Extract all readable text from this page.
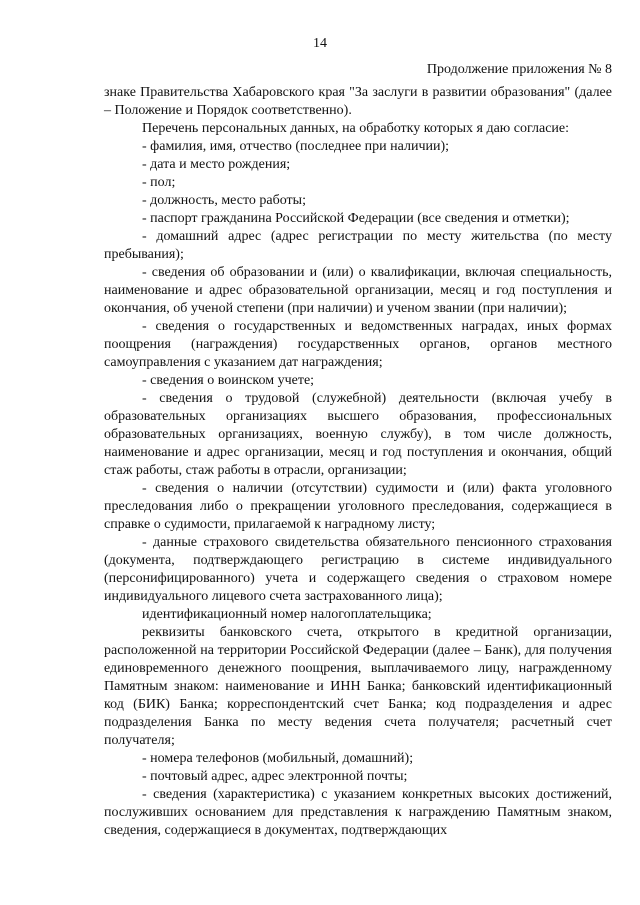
14
Продолжение приложения № 8

знаке Правительства Хабаровского края "За заслуги в развитии образования" (далее – Положение и Порядок соответственно).

Перечень персональных данных, на обработку которых я даю согласие:

- фамилия, имя, отчество (последнее при наличии);

- дата и место рождения;

- пол;

- должность, место работы;

- паспорт гражданина Российской Федерации (все сведения и отметки);

- домашний адрес (адрес регистрации по месту жительства (по месту пребывания);

- сведения об образовании и (или) о квалификации, включая специальность, наименование и адрес образовательной организации, месяц и год поступления и окончания, об ученой степени (при наличии) и ученом звании (при наличии);

- сведения о государственных и ведомственных наградах, иных формах поощрения (награждения) государственных органов, органов местного самоуправления с указанием дат награждения;

- сведения о воинском учете;

- сведения о трудовой (служебной) деятельности (включая учебу в образовательных организациях высшего образования, профессиональных образовательных организациях, военную службу), в том числе должность, наименование и адрес организации, месяц и год поступления и окончания, общий стаж работы, стаж работы в отрасли, организации;

- сведения о наличии (отсутствии) судимости и (или) факта уголовного преследования либо о прекращении уголовного преследования, содержащиеся в справке о судимости, прилагаемой к наградному листу;

- данные страхового свидетельства обязательного пенсионного страхования (документа, подтверждающего регистрацию в системе индивидуального (персонифицированного) учета и содержащего сведения о страховом номере индивидуального лицевого счета застрахованного лица);

идентификационный номер налогоплательщика;

реквизиты банковского счета, открытого в кредитной организации, расположенной на территории Российской Федерации (далее – Банк), для получения единовременного денежного поощрения, выплачиваемого лицу, награжденному Памятным знаком: наименование и ИНН Банка; банковский идентификационный код (БИК) Банка; корреспондентский счет Банка; код подразделения и адрес подразделения Банка по месту ведения счета получателя; расчетный счет получателя;

- номера телефонов (мобильный, домашний);

- почтовый адрес, адрес электронной почты;

- сведения (характеристика) с указанием конкретных высоких достижений, послуживших основанием для представления к награждению Памятным знаком, сведения, содержащиеся в документах, подтверждающих
